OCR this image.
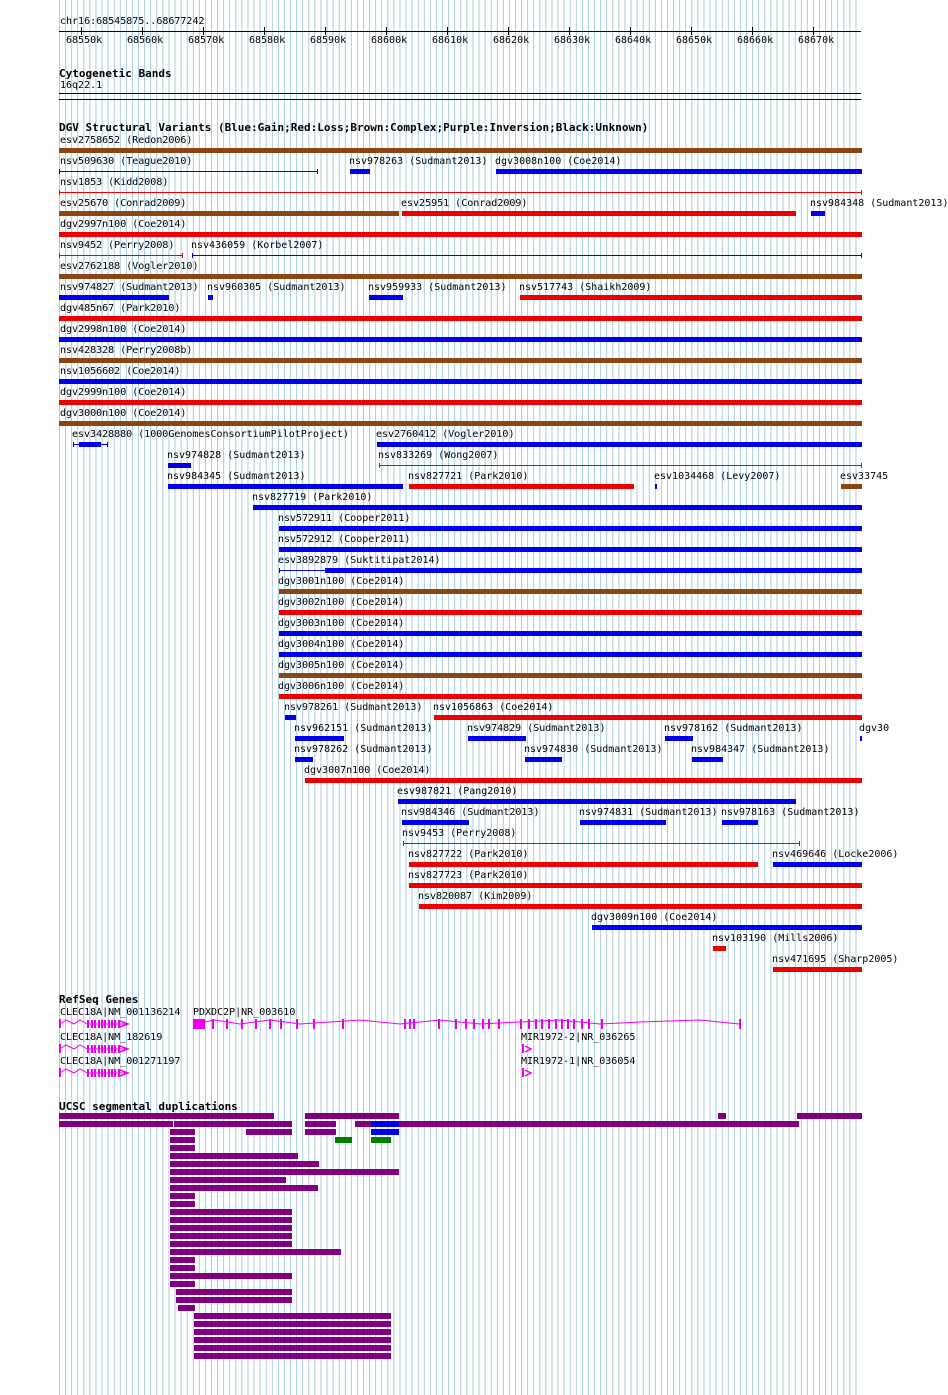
chr16:68545875..68677242
68550k 68560k 68570k 68580k 68590k 68600k 68610k 68620k 68630k 68640k 68650k 68660k 68670k
Cytogenetic Bands
16q22.1
DGV Structural Variants (Blue:Gain;Red:Loss;Brown:Complex;Purple:Inversion;Black:Unknown)
esv2758652 (Redon2006)
nsv509630 (Teague2010)	nsv978263 (Sudmant2013) dgv3008n100 (Coe2014)
nsv1853 (Kidd2008)
esv25670 (Conrad2009)	esv25951 (Conrad2009)	nsv984348 (Sudmant2013)
dgv2997n100 (Coe2014)
nsv9452 (Perry2008) nsv436059 (Korbel2007)
esv2762188 (Vogler2010)
nsv974827 (Sudmant2013) nsv960305 (Sudmant2013) nsv959933 (Sudmant2013) nsv517743 (Shaikh2009)
dgv485n67 (Park2010)
dgv2998n100 (Coe2014)
nsv428328 (Perry2008b)
nsv1056602 (Coe2014)
dgv2999n100 (Coe2014)
dgv3000n100 (Coe2014)
esv3428880 (1000GenomesConsortiumPilotProject)	esv2760412 (Vogler2010)
nsv974828 (Sudmant2013)	nsv833269 (Wong2007)
nsv984345 (Sudmant2013)	nsv827721 (Park2010)	esv1034468 (Levy2007)	esv33745
nsv827719 (Park2010)
nsv572911 (Cooper2011)
nsv572912 (Cooper2011)
esv3892879 (Suktitipat2014)
dgv3001n100 (Coe2014)
dgv3002n100 (Coe2014)
dgv3003n100 (Coe2014)
dgv3004n100 (Coe2014)
dgv3005n100 (Coe2014)
dgv3006n100 (Coe2014)
nsv978261 (Sudmant2013) nsv1056863 (Coe2014)
nsv962151 (Sudmant2013)	nsv974829 (Sudmant2013)	nsv978162 (Sudmant2013)	dgv30
nsv978262 (Sudmant2013)	nsv974830 (Sudmant2013)	nsv984347 (Sudmant2013)
dgv3007n100 (Coe2014)
esv987821 (Pang2010)
nsv984346 (Sudmant2013)	nsv974831 (Sudmant2013) nsv978163 (Sudmant2013)
nsv9453 (Perry2008)
nsv827722 (Park2010)	nsv469646 (Locke2006)
nsv827723 (Park2010)
nsv820087 (Kim2009)
dgv3009n100 (Coe2014)
nsv103190 (Mills2006)
nsv471695 (Sharp2005)
RefSeq Genes
CLEC18A|NM_001136214 PDXDC2P|NR_003610
CLEC18A|NM_182619	MIR1972-2|NR_036265
CLEC18A|NM_001271197	MIR1972-1|NR_036054
UCSC segmental duplications
